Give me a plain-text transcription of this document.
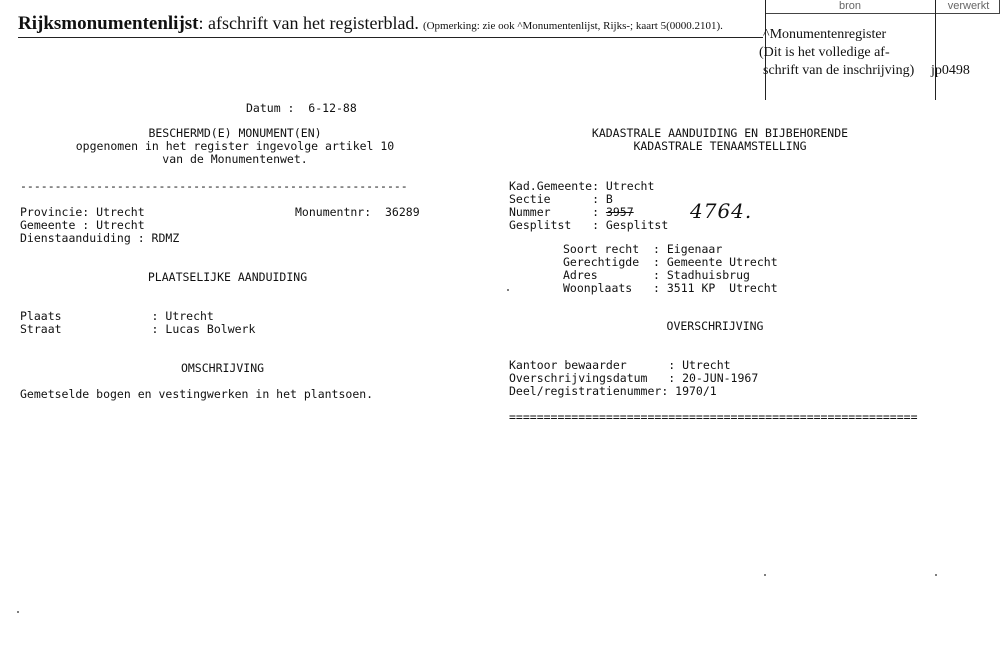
Rijksmonumentenlijst: afschrift van het registerblad. (Opmerking: zie ook ^Monumentenlijst, Rijks-; kaart 5(0000.2101).
bron	verwerkt
^Monumentenregister
(Dit is het volledige af-
schrift van de inschrijving) jp0498
Datum :  6-12-88
BESCHERMD(E) MONUMENT(EN)
opgenomen in het register ingevolge artikel 10
van de Monumentenwet.
--------------------------------------------------------
Provincie: Utrecht	Monumentnr:  36289
Gemeente : Utrecht
Dienstaanduiding : RDMZ
PLAATSELIJKE AANDUIDING
Plaats             : Utrecht
Straat             : Lucas Bolwerk
OMSCHRIJVING
Gemetselde bogen en vestingwerken in het plantsoen.
KADASTRALE AANDUIDING EN BIJBEHORENDE
KADASTRALE TENAAMSTELLING
Kad.Gemeente: Utrecht
Sectie      : B
Nummer      : 3957	4764.
Gesplitst   : Gesplitst
Soort recht  : Eigenaar
Gerechtigde  : Gemeente Utrecht
Adres        : Stadhuisbrug
Woonplaats   : 3511 KP  Utrecht
OVERSCHRIJVING
Kantoor bewaarder      : Utrecht
Overschrijvingsdatum   : 20-JUN-1967
Deel/registratienummer: 1970/1
===========================================================
